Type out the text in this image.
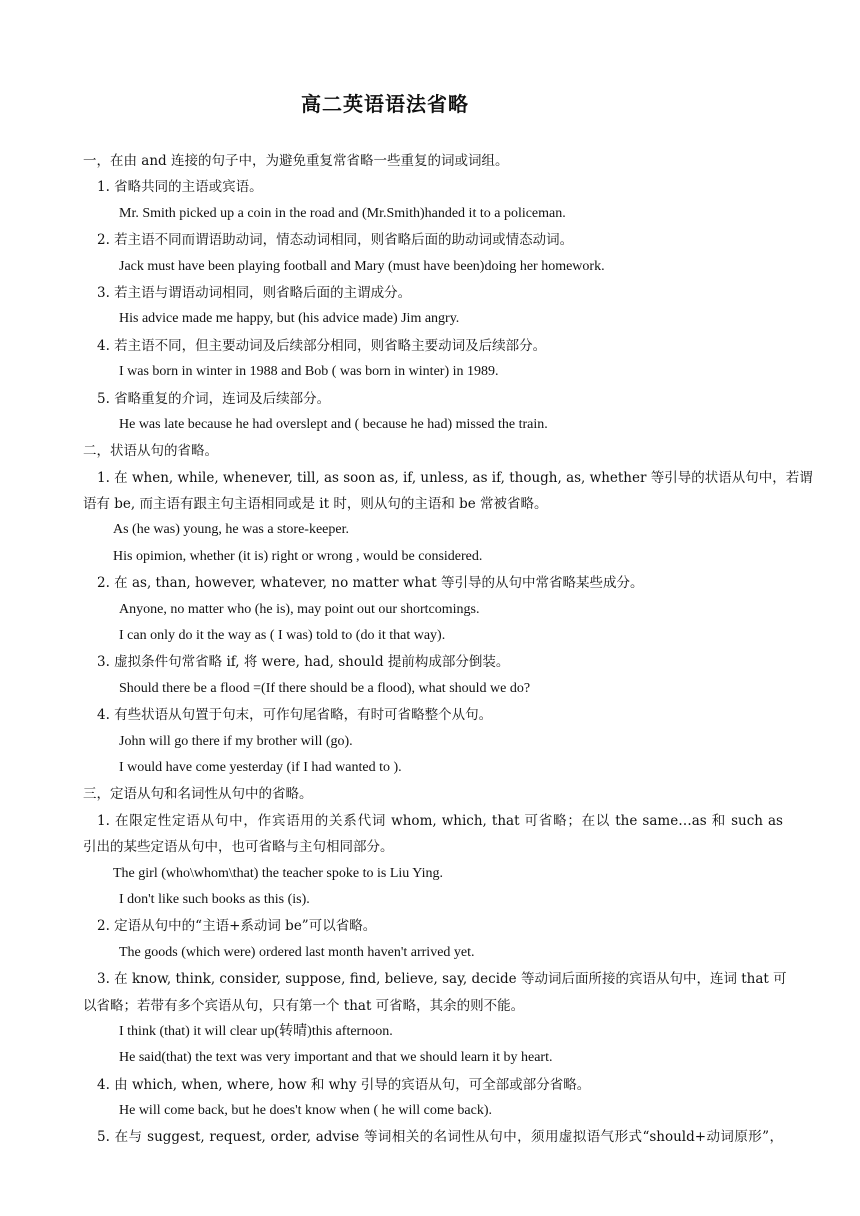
高二英语语法省略
一，在由 and 连接的句子中，为避免重复常省略一些重复的词或词组。
1. 省略共同的主语或宾语。
Mr. Smith picked up a coin in the road and (Mr.Smith)handed it to a policeman.
2. 若主语不同而谓语助动词，情态动词相同，则省略后面的助动词或情态动词。
Jack must have been playing football and Mary (must have been)doing her homework.
3. 若主语与谓语动词相同，则省略后面的主谓成分。
His advice made me happy, but (his advice made) Jim angry.
4. 若主语不同，但主要动词及后续部分相同，则省略主要动词及后续部分。
I was born in winter in 1988 and Bob ( was born in winter) in 1989.
5. 省略重复的介词，连词及后续部分。
He was late because he had overslept and ( because he had) missed the train.
二，状语从句的省略。
1. 在 when, while, whenever, till, as soon as, if, unless, as if, though, as, whether 等引导的状语从句中，若谓
语有 be, 而主语有跟主句主语相同或是 it 时，则从句的主语和 be 常被省略。
As (he was) young, he was a store-keeper.
His opimion, whether (it is) right or wrong , would be considered.
2. 在 as, than, however, whatever, no matter what 等引导的从句中常省略某些成分。
Anyone, no matter who (he is), may point out our shortcomings.
I can only do it the way as ( I was) told to (do it that way).
3. 虚拟条件句常省略 if, 将 were, had, should 提前构成部分倒装。
Should there be a flood =(If there should be a flood), what should we do?
4. 有些状语从句置于句末，可作句尾省略，有时可省略整个从句。
John will go there if my brother will (go).
I would have come yesterday (if I had wanted to ).
三，定语从句和名词性从句中的省略。
1. 在限定性定语从句中，作宾语用的关系代词 whom, which, that 可省略；在以 the same…as 和 such as
引出的某些定语从句中，也可省略与主句相同部分。
The girl (who\whom\that) the teacher spoke to is Liu Ying.
I don't like such books as this (is).
2. 定语从句中的“主语+系动词 be”可以省略。
The goods (which were) ordered last month haven't arrived yet.
3. 在 know, think, consider, suppose, find, believe, say, decide 等动词后面所接的宾语从句中，连词 that 可
以省略；若带有多个宾语从句，只有第一个 that 可省略，其余的则不能。
I think (that) it will clear up(转晴)this afternoon.
He said(that) the text was very important and that we should learn it by heart.
4. 由 which, when, where, how 和 why 引导的宾语从句，可全部或部分省略。
He will come back, but he does't know when ( he will come back).
5. 在与 suggest, request, order, advise 等词相关的名词性从句中，须用虚拟语气形式“should+动词原形”，
